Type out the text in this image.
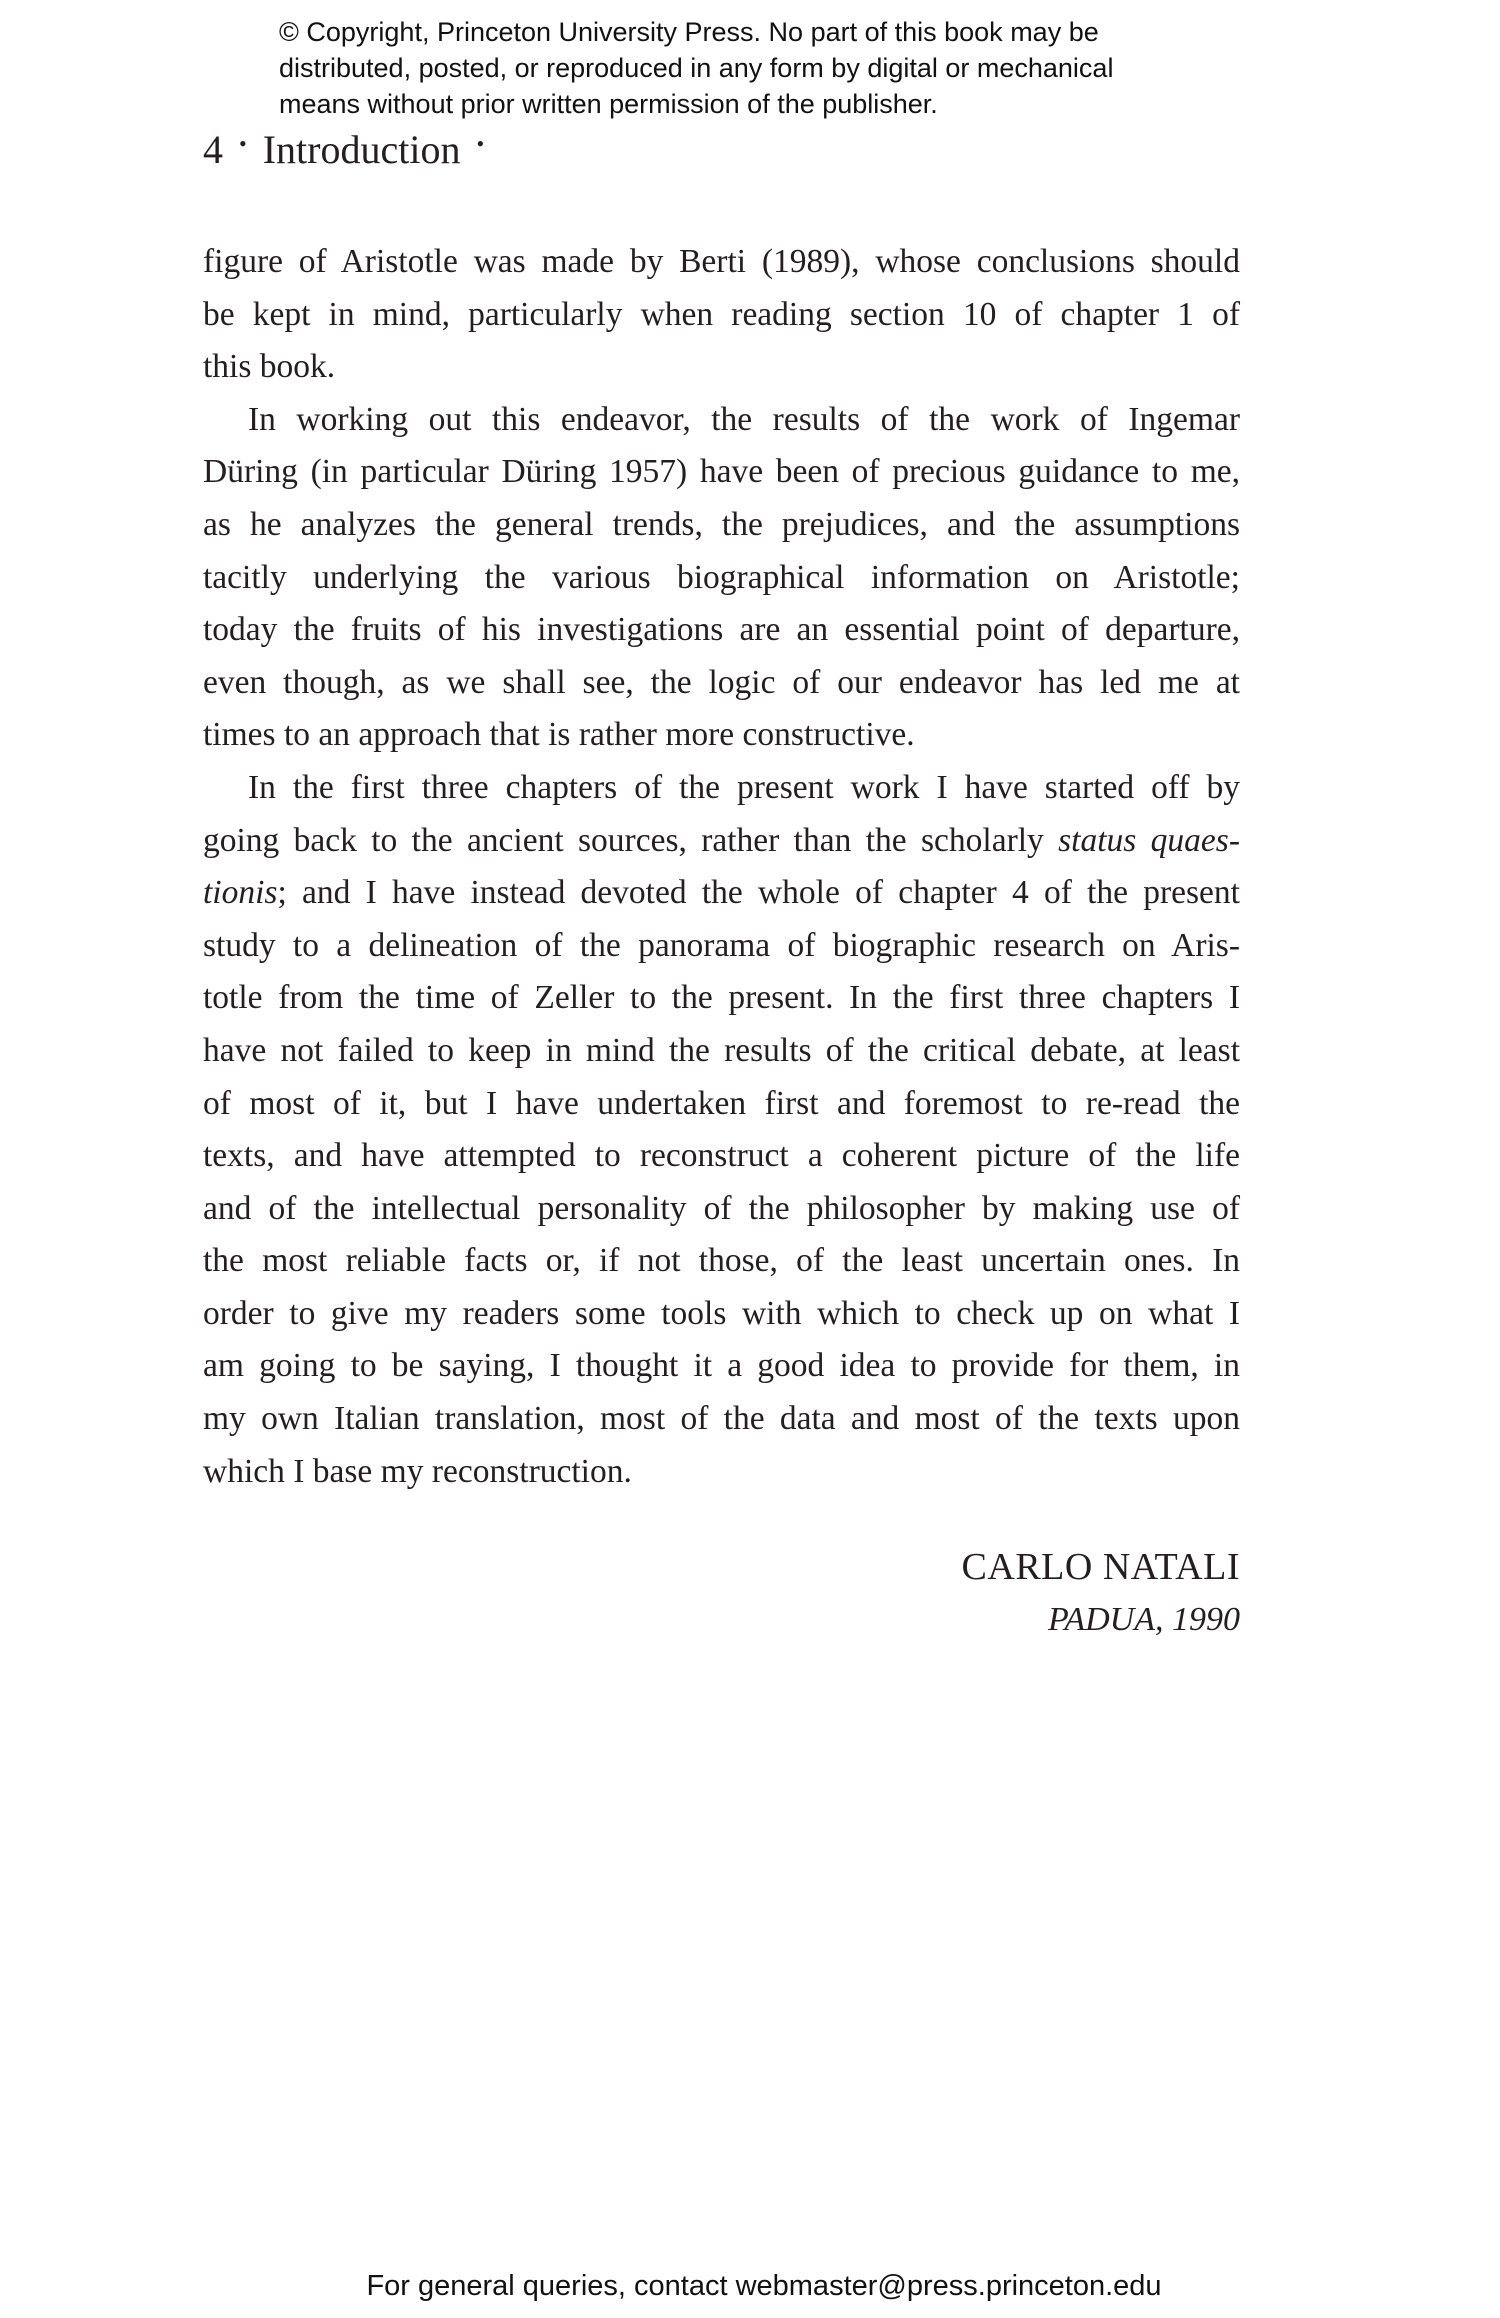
© Copyright, Princeton University Press. No part of this book may be
distributed, posted, or reproduced in any form by digital or mechanical
means without prior written permission of the publisher.
4 • Introduction •
figure of Aristotle was made by Berti (1989), whose conclusions should
be kept in mind, particularly when reading section 10 of chapter 1 of
this book.
In working out this endeavor, the results of the work of Ingemar
Düring (in particular Düring 1957) have been of precious guidance to me,
as he analyzes the general trends, the prejudices, and the assumptions
tacitly underlying the various biographical information on Aristotle;
today the fruits of his investigations are an essential point of departure,
even though, as we shall see, the logic of our endeavor has led me at
times to an approach that is rather more constructive.
In the first three chapters of the present work I have started off by
going back to the ancient sources, rather than the scholarly status quaes-
tionis; and I have instead devoted the whole of chapter 4 of the present
study to a delineation of the panorama of biographic research on Aris-
totle from the time of Zeller to the present. In the first three chapters I
have not failed to keep in mind the results of the critical debate, at least
of most of it, but I have undertaken first and foremost to re-read the
texts, and have attempted to reconstruct a coherent picture of the life
and of the intellectual personality of the philosopher by making use of
the most reliable facts or, if not those, of the least uncertain ones. In
order to give my readers some tools with which to check up on what I
am going to be saying, I thought it a good idea to provide for them, in
my own Italian translation, most of the data and most of the texts upon
which I base my reconstruction.
CARLO NATALI
PADUA, 1990
For general queries, contact webmaster@press.princeton.edu
